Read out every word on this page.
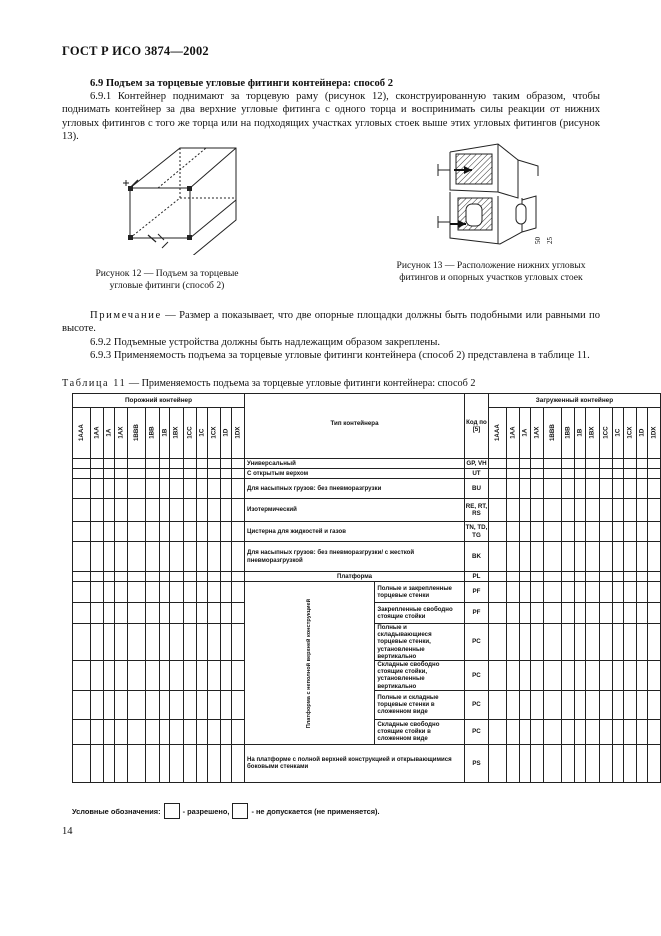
ГОСТ Р ИСО 3874—2002

6.9 Подъем за торцевые угловые фитинги контейнера: способ 2

6.9.1 Контейнер поднимают за торцевую раму (рисунок 12), сконструированную таким образом, чтобы поднимать контейнер за два верхние угловые фитинга с одного торца и воспринимать силы реакции от нижних угловых фитингов с того же торца или на подходящих участках угловых стоек выше этих угловых фитингов (рисунок 13).

Рисунок 12 — Подъем за торцевые угловые фитинги (способ 2)
50 25
Рисунок 13 — Расположение нижних угловых фитингов и опорных участков угловых стоек

Примечание — Размер a показывает, что две опорные площадки должны быть подобными или равными по высоте.

6.9.2 Подъемные устройства должны быть надлежащим образом закреплены.

6.9.3 Применяемость подъема за торцевые угловые фитинги контейнера (способ 2) представлена в таблице 11.

Таблица 11 — Применяемость подъема за торцевые угловые фитинги контейнера: способ 2
Порожний контейнер													Тип контейнера		Код по [5]	Загруженный контейнер												
1AAA	1AA	1A	1AX	1BBB	1BB	1B	1BX	1CC	1C	1CX	1D	1DX				1AAA	1AA	1A	1AX	1BBB	1BB	1B	1BX	1CC	1C	1CX	1D	1DX
													Универсальный		GP, VH													
													С открытым верхом		UT													
													Для насыпных грузов: без пневморазгрузки		BU													
													Изотермический		RE, RT, RS													
													Цистерна для жидкостей и газов		TN, TD, TG													
													Для насыпных грузов: без пневморазгрузки/ с жесткой пневморазгрузкой		BK													
													Платформа		PL													
													Платформа с неполной верхней конструкцией	Полные и закрепленные торцевые стенки	PF													
														Закрепленные свободно стоящие стойки	PF													
														Полные и складывающиеся торцевые стенки, установленные вертикально	PC													
														Складные свободно стоящие стойки, установленные вертикально	PC													
														Полные и складные торцевые стенки в сложенном виде	PC													
														Складные свободно стоящие стойки в сложенном виде	PC													
													На платформе с полной верхней конструкцией и открывающимися боковыми стенками		PS													
Условные обозначения:	- разрешено,	- не допускается (не применяется).
14
